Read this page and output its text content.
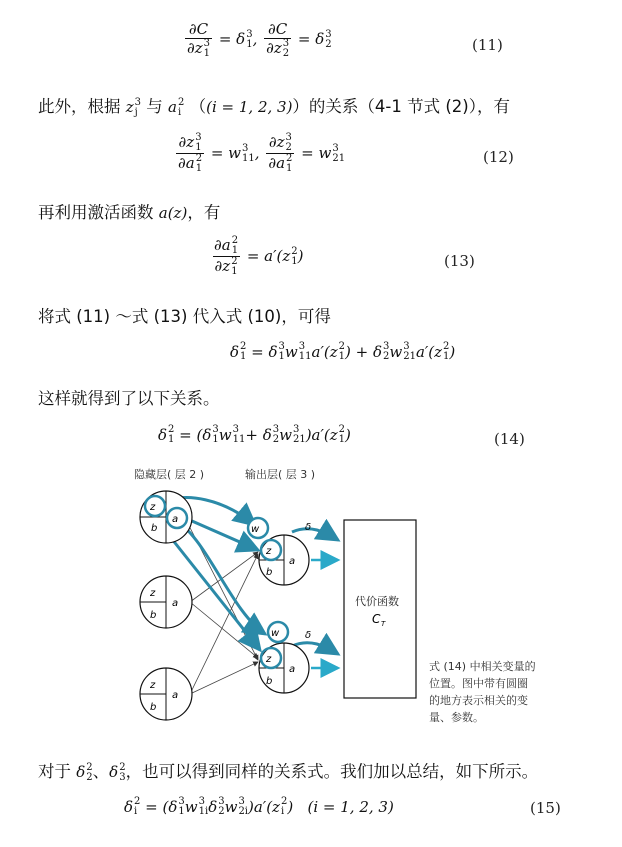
∂C
∂z 3
1 = δ 3
1 , ∂C
∂z 3
2 = δ 3
2	(11)
此外，根据 z 3
j 与 a 2
i （(i = 1, 2, 3)）的关系（4-1 节式 (2)），有
∂z 3
1
∂a 2
1 = w 3
11 , ∂z 3
2
∂a 2
1 = w 3
21	(12)
再利用激活函数 a(z)，有
∂a 2
1
∂z 2
1 = a′(z 2
1 )	(13)
将式 (11) ～式 (13) 代入式 (10)，可得
δ 2
1 = δ 3
1 w 3
11 a′(z 2
1 ) + δ 3
2 w 3
21 a′(z 2
1 )
这样就得到了以下关系。
δ 2
1 = (δ 3
1 w 3
11 + δ 3
2 w 3
21 )a′(z 2
1 )	(14)
隐藏层( 层 2 )	输出层( 层 3 )
z
b
a
z
b
a
z
b
a
w
z
b
a
δ
w
z
b
a
δ
代价函数
C T
式 (14) 中相关变量的
位置。图中带有圆圈
的地方表示相关的变
量、参数。
对于 δ 2
2 、δ 2
3 ，也可以得到同样的关系式。我们加以总结，如下所示。
δ 2
i = (δ 3
1 w 3
1i δ 3
2 w 3
2i )a′(z 2
i )   (i = 1, 2, 3)	(15)
